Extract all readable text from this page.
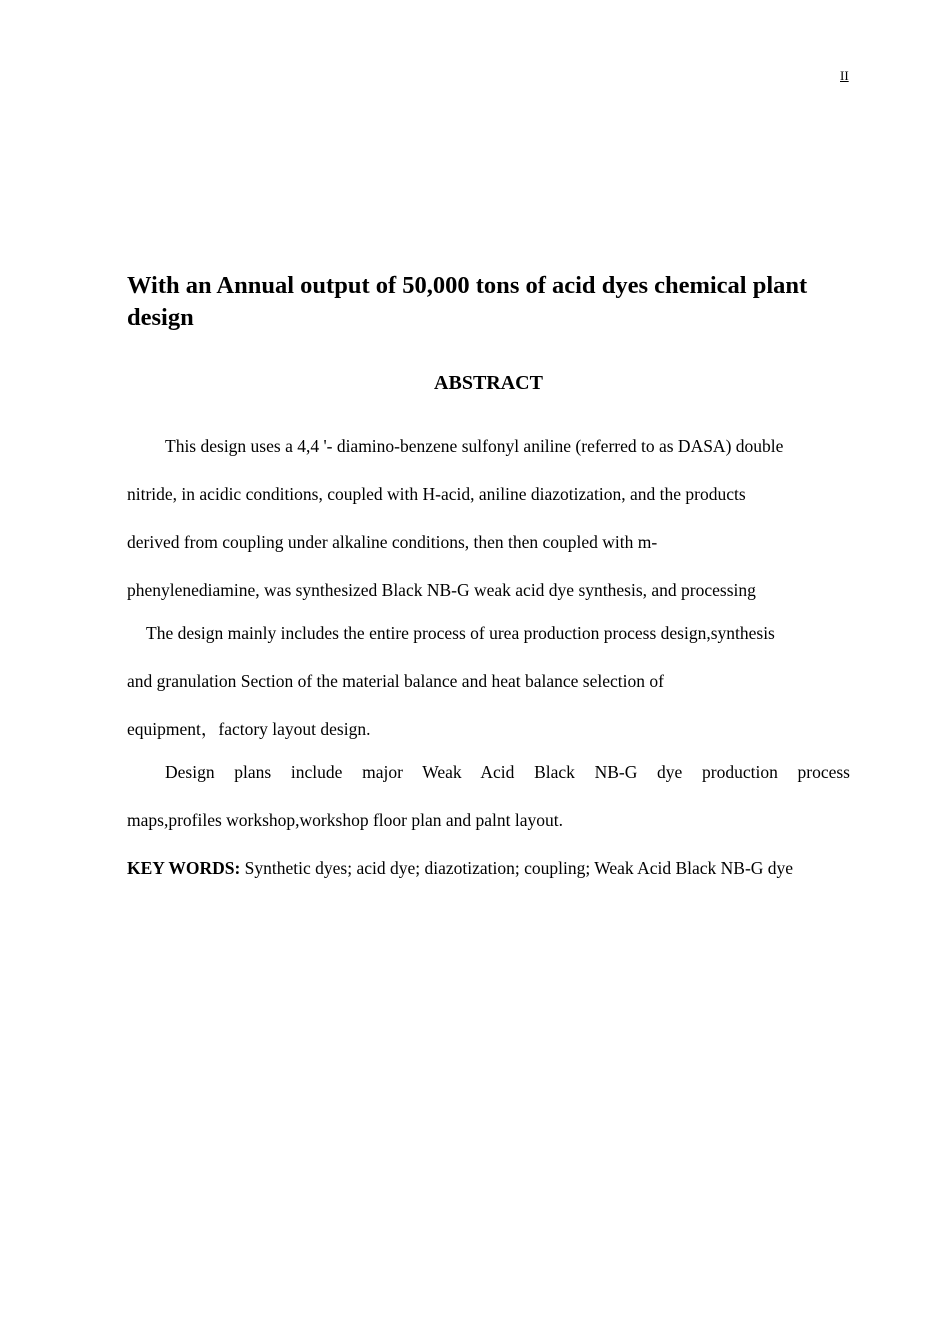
II
With an Annual output of 50,000 tons of acid dyes chemical plant design
ABSTRACT
This design uses a 4,4 '- diamino-benzene sulfonyl aniline (referred to as DASA) double
nitride, in acidic conditions, coupled with H-acid, aniline diazotization, and the products
derived from coupling under alkaline conditions, then then coupled with m-
phenylenediamine, was synthesized Black NB-G weak acid dye synthesis, and processing
The design mainly includes the entire process of urea production process design,synthesis
and granulation Section of the material balance and heat balance selection of
equipment，factory layout design.
Design plans include major Weak Acid Black NB-G dye production process
maps,profiles workshop,workshop floor plan and palnt layout.

KEY WORDS: Synthetic dyes; acid dye; diazotization; coupling; Weak Acid Black NB-G dye
